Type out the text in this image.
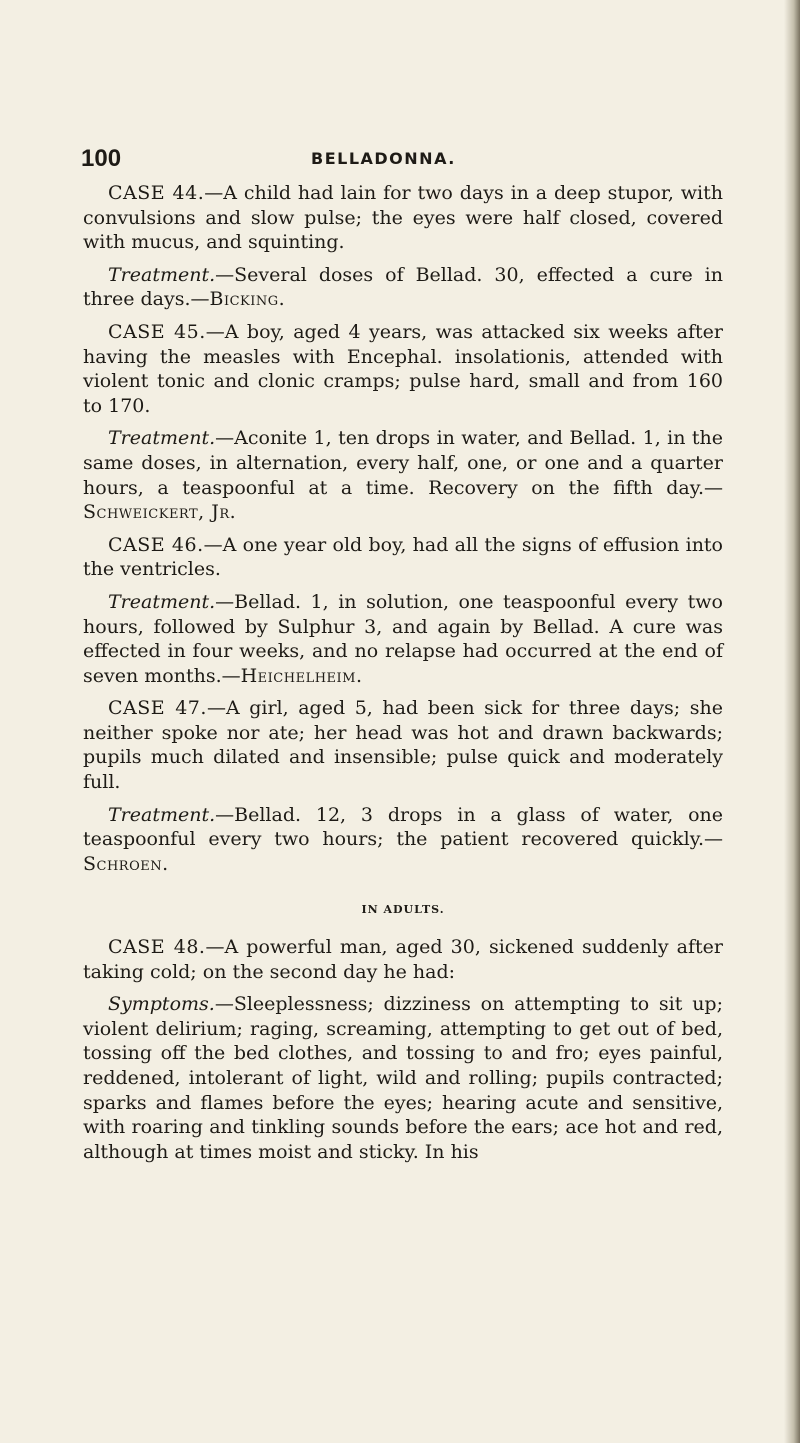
100	BELLADONNA.

CASE 44.—A child had lain for two days in a deep stupor, with convulsions and slow pulse; the eyes were half closed, covered with mucus, and squinting.

Treatment.—Several doses of Bellad. 30, effected a cure in three days.—Bicking.

CASE 45.—A boy, aged 4 years, was attacked six weeks after having the measles with Encephal. insolationis, attended with violent tonic and clonic cramps; pulse hard, small and from 160 to 170.

Treatment.—Aconite 1, ten drops in water, and Bellad. 1, in the same doses, in alternation, every half, one, or one and a quarter hours, a teaspoonful at a time. Recovery on the fifth day.—Schweickert, Jr.

CASE 46.—A one year old boy, had all the signs of effusion into the ventricles.

Treatment.—Bellad. 1, in solution, one teaspoonful every two hours, followed by Sulphur 3, and again by Bellad. A cure was effected in four weeks, and no relapse had occurred at the end of seven months.—Heichelheim.

CASE 47.—A girl, aged 5, had been sick for three days; she neither spoke nor ate; her head was hot and drawn backwards; pupils much dilated and insensible; pulse quick and moderately full.

Treatment.—Bellad. 12, 3 drops in a glass of water, one teaspoonful every two hours; the patient recovered quickly.—Schroen.

IN ADULTS.

CASE 48.—A powerful man, aged 30, sickened suddenly after taking cold; on the second day he had:

Symptoms.—Sleeplessness; dizziness on attempting to sit up; violent delirium; raging, screaming, attempting to get out of bed, tossing off the bed clothes, and tossing to and fro; eyes painful, reddened, intolerant of light, wild and rolling; pupils contracted; sparks and flames before the eyes; hearing acute and sensitive, with roaring and tinkling sounds before the ears; ace hot and red, although at times moist and sticky. In his
